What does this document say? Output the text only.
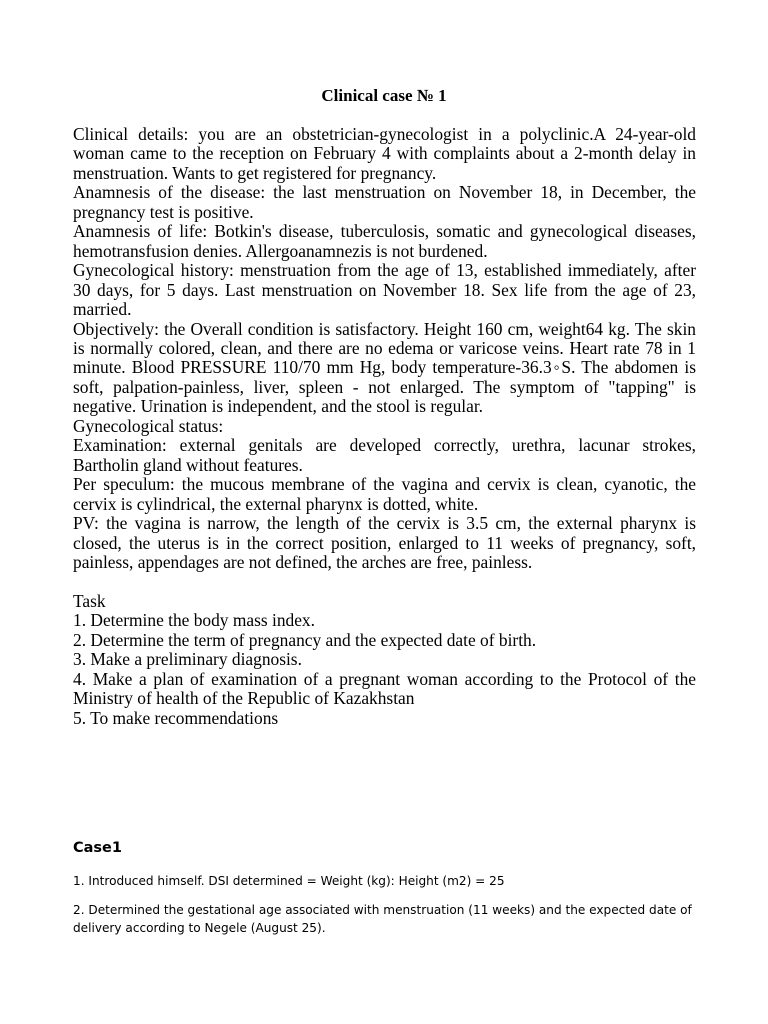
Clinical case № 1

Clinical details: you are an obstetrician-gynecologist in a polyclinic.A 24-year-old woman came to the reception on February 4 with complaints about a 2-month delay in menstruation. Wants to get registered for pregnancy.

Anamnesis of the disease: the last menstruation on November 18, in December, the pregnancy test is positive.

Anamnesis of life: Botkin's disease, tuberculosis, somatic and gynecological diseases, hemotransfusion denies. Allergoanamnezis is not burdened.

Gynecological history: menstruation from the age of 13, established immediately, after 30 days, for 5 days. Last menstruation on November 18. Sex life from the age of 23, married.

Objectively: the Overall condition is satisfactory. Height 160 cm, weight64 kg. The skin is normally colored, clean, and there are no edema or varicose veins. Heart rate 78 in 1 minute. Blood PRESSURE 110/70 mm Hg, body temperature-36.3◦S. The abdomen is soft, palpation-painless, liver, spleen - not enlarged. The symptom of "tapping" is negative. Urination is independent, and the stool is regular.

Gynecological status:

Examination: external genitals are developed correctly, urethra, lacunar strokes, Bartholin gland without features.

Per speculum: the mucous membrane of the vagina and cervix is clean, cyanotic, the cervix is cylindrical, the external pharynx is dotted, white.

PV: the vagina is narrow, the length of the cervix is 3.5 cm, the external pharynx is closed, the uterus is in the correct position, enlarged to 11 weeks of pregnancy, soft, painless, appendages are not defined, the arches are free, painless.

Task

1. Determine the body mass index.

2. Determine the term of pregnancy and the expected date of birth.

3. Make a preliminary diagnosis.

4. Make a plan of examination of a pregnant woman according to the Protocol of the Ministry of health of the Republic of Kazakhstan

5. To make recommendations

Case1

1. Introduced himself. DSI determined = Weight (kg): Height (m2) = 25

2. Determined the gestational age associated with menstruation (11 weeks) and the expected date of delivery according to Negele (August 25).
